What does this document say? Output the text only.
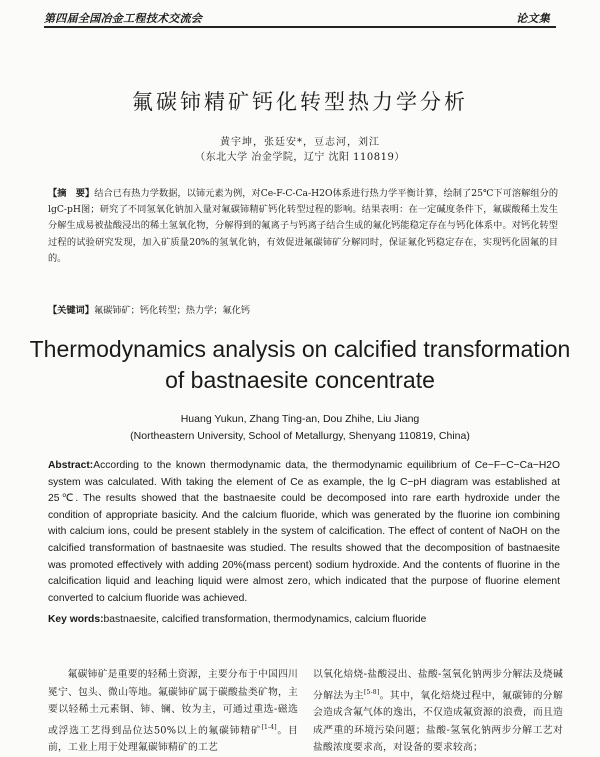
第四届全国冶金工程技术交流会	论文集
氟碳铈精矿钙化转型热力学分析
黄宇坤，张廷安*，豆志河，刘江
（东北大学 冶金学院，辽宁 沈阳 110819）
【摘　要】结合已有热力学数据，以铈元素为例，对Ce-F-C-Ca-H2O体系进行热力学平衡计算，绘制了25℃下可溶解组分的lgC-pH图；研究了不同氢氧化钠加入量对氟碳铈精矿钙化转型过程的影响。结果表明：在一定碱度条件下，氟碳酸稀土发生分解生成易被盐酸浸出的稀土氢氧化物，分解得到的氟离子与钙离子结合生成的氟化钙能稳定存在与钙化体系中。对钙化转型过程的试验研究发现，加入矿质量20%的氢氧化钠，有效促进氟碳铈矿分解同时，保证氟化钙稳定存在，实现钙化固氟的目的。
【关键词】氟碳铈矿；钙化转型；热力学；氟化钙
Thermodynamics analysis on calcified transformation
of bastnaesite concentrate
Huang Yukun, Zhang Ting-an, Dou Zhihe, Liu Jiang
(Northeastern University, School of Metallurgy, Shenyang 110819, China)
Abstract:According to the known thermodynamic data, the thermodynamic equilibrium of Ce−F−C−Ca−H2O system was calculated. With taking the element of Ce as example, the lg C−pH diagram was established at 25℃. The results showed that the bastnaesite could be decomposed into rare earth hydroxide under the condition of appropriate basicity. And the calcium fluoride, which was generated by the fluorine ion combining with calcium ions, could be present stablely in the system of calcification. The effect of content of NaOH on the calcified transformation of bastnaesite was studied. The results showed that the decomposition of bastnaesite was promoted effectively with adding 20%(mass percent) sodium hydroxide. And the contents of fluorine in the calcification liquid and leaching liquid were almost zero, which indicated that the purpose of fluorine element converted to calcium fluoride was achieved.
Key words:bastnaesite, calcified transformation, thermodynamics, calcium fluoride
氟碳铈矿是重要的轻稀土资源，主要分布于中国四川冕宁、包头、微山等地。氟碳铈矿属于碳酸盐类矿物，主要以轻稀土元素铜、铈、镧、钕为主，可通过重选-磁选或浮选工艺得到品位达50%以上的氟碳铈精矿[1-4]。目前，工业上用于处理氟碳铈精矿的工艺
以氧化焙烧-盐酸浸出、盐酸-氢氧化钠两步分解法及烧碱分解法为主[5-8]。其中，氧化焙烧过程中，氟碳铈的分解会造成含氟气体的逸出，不仅造成氟资源的浪费，而且造成严重的环境污染问题；盐酸-氢氧化钠两步分解工艺对盐酸浓度要求高，对设备的要求较高；
